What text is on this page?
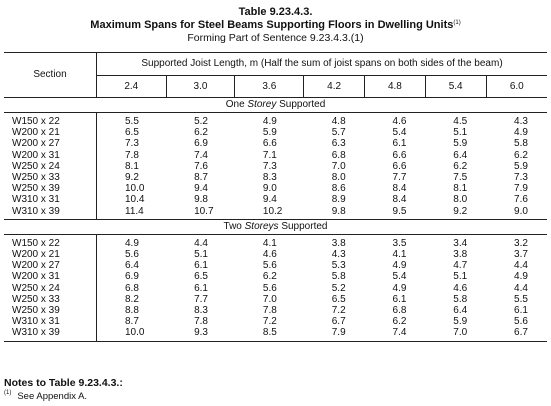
Table 9.23.4.3.
Maximum Spans for Steel Beams Supporting Floors in Dwelling Units$^{(1)}$
Forming Part of Sentence 9.23.4.3.(1)
Section	Supported Joist Length, m (Half the sum of joist spans on both sides of the beam)						
	2.4	3.0	3.6	4.2	4.8	5.4	6.0
One Storey Supported							
W150 x 22	5.5	5.2	4.9	4.8	4.6	4.5	4.3
W200 x 21	6.5	6.2	5.9	5.7	5.4	5.1	4.9
W200 x 27	7.3	6.9	6.6	6.3	6.1	5.9	5.8
W200 x 31	7.8	7.4	7.1	6.8	6.6	6.4	6.2
W250 x 24	8.1	7.6	7.3	7.0	6.6	6.2	5.9
W250 x 33	9.2	8.7	8.3	8.0	7.7	7.5	7.3
W250 x 39	10.0	9.4	9.0	8.6	8.4	8.1	7.9
W310 x 31	10.4	9.8	9.4	8.9	8.4	8.0	7.6
W310 x 39	11.4	10.7	10.2	9.8	9.5	9.2	9.0
Two Storeys Supported							
W150 x 22	4.9	4.4	4.1	3.8	3.5	3.4	3.2
W200 x 21	5.6	5.1	4.6	4.3	4.1	3.8	3.7
W200 x 27	6.4	6.1	5.6	5.3	4.9	4.7	4.4
W200 x 31	6.9	6.5	6.2	5.8	5.4	5.1	4.9
W250 x 24	6.8	6.1	5.6	5.2	4.9	4.6	4.4
W250 x 33	8.2	7.7	7.0	6.5	6.1	5.8	5.5
W250 x 39	8.8	8.3	7.8	7.2	6.8	6.4	6.1
W310 x 31	8.7	7.8	7.2	6.7	6.2	5.9	5.6
W310 x 39	10.0	9.3	8.5	7.9	7.4	7.0	6.7
Notes to Table 9.23.4.3.:
$^{(1)}$ See Appendix A.
